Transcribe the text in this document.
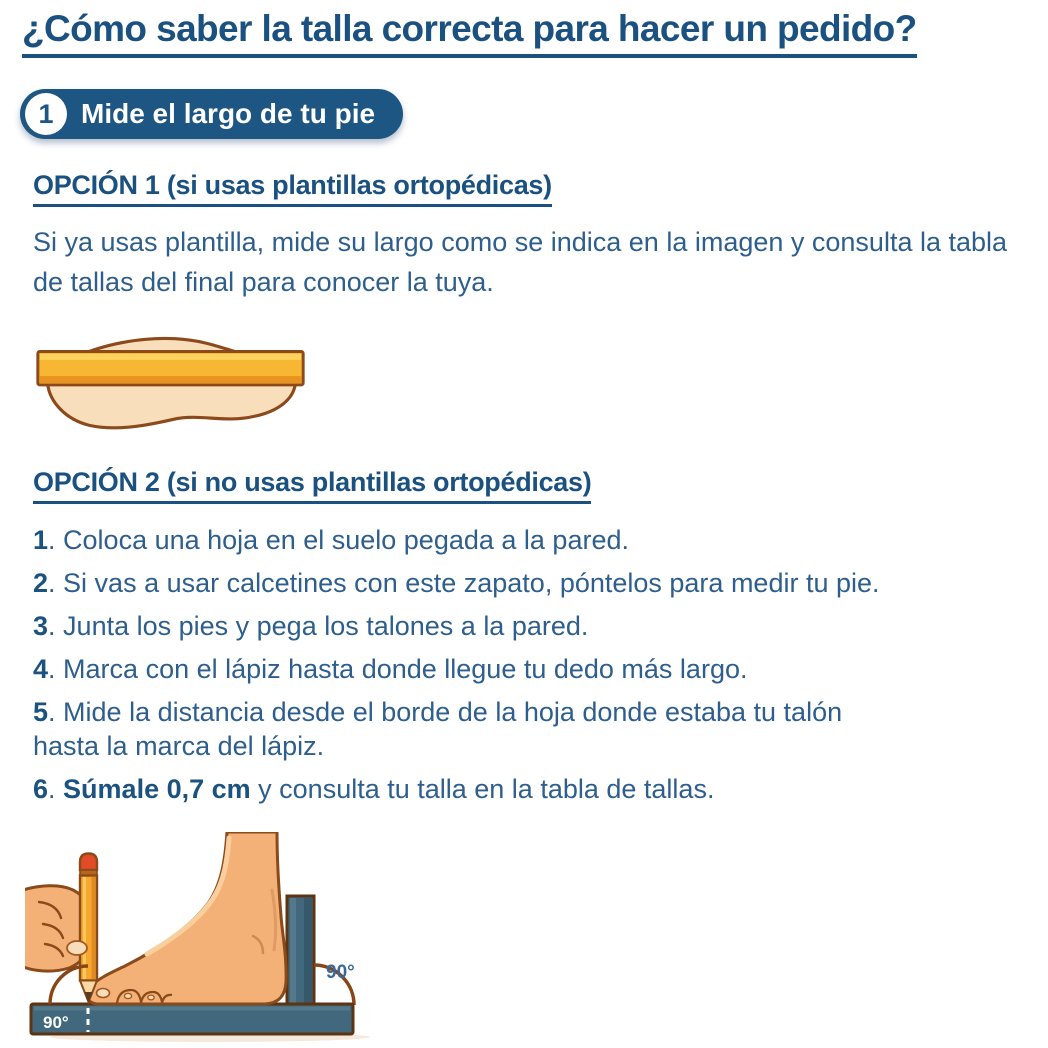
¿Cómo saber la talla correcta para hacer un pedido?
1 Mide el largo de tu pie
OPCIÓN 1 (si usas plantillas ortopédicas)

Si ya usas plantilla, mide su largo como se indica en la imagen y consulta la tabla de tallas del final para conocer la tuya.

OPCIÓN 2 (si no usas plantillas ortopédicas)
1. Coloca una hoja en el suelo pegada a la pared.
2. Si vas a usar calcetines con este zapato, póntelos para medir tu pie.
3. Junta los pies y pega los talones a la pared.
4. Marca con el lápiz hasta donde llegue tu dedo más largo.
5. Mide la distancia desde el borde de la hoja donde estaba tu talón
hasta la marca del lápiz.
6. Súmale 0,7 cm y consulta tu talla en la tabla de tallas.
90°
90°
